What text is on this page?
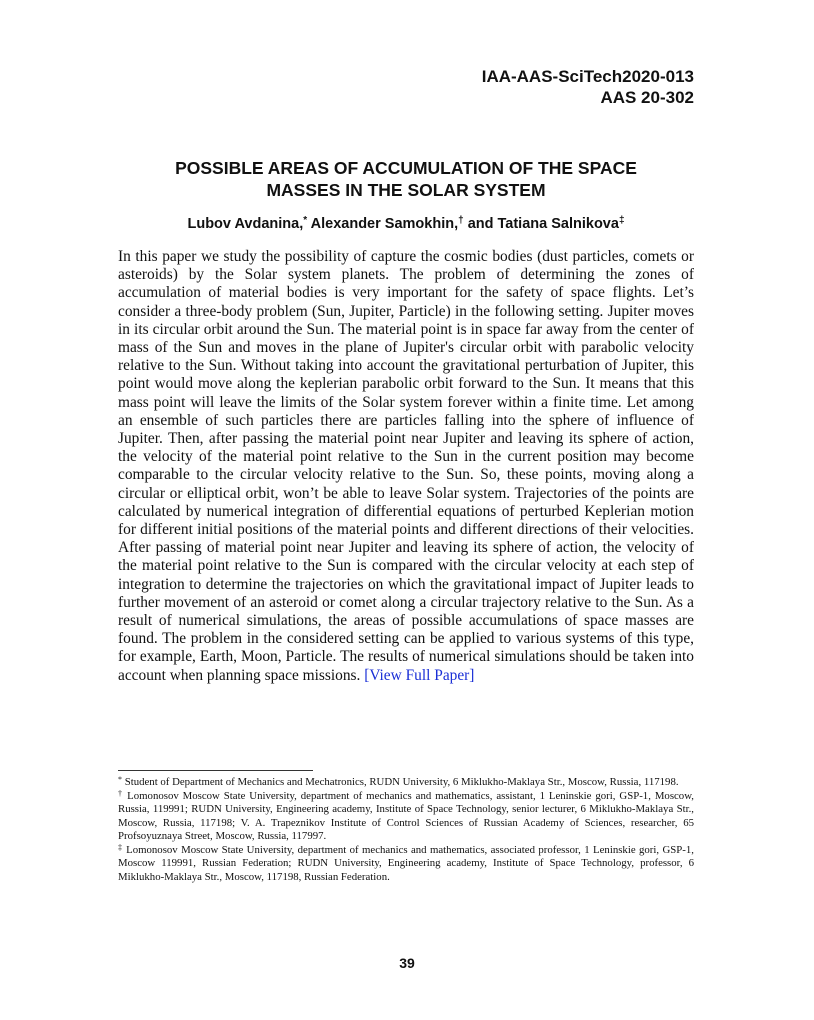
IAA-AAS-SciTech2020-013
AAS 20-302
POSSIBLE AREAS OF ACCUMULATION OF THE SPACE
MASSES IN THE SOLAR SYSTEM
Lubov Avdanina,* Alexander Samokhin,† and Tatiana Salnikova‡
In this paper we study the possibility of capture the cosmic bodies (dust particles, comets or asteroids) by the Solar system planets. The problem of determining the zones of accumulation of material bodies is very important for the safety of space flights. Let’s consider a three-body problem (Sun, Jupiter, Particle) in the following setting. Jupiter moves in its circular orbit around the Sun. The material point is in space far away from the center of mass of the Sun and moves in the plane of Jupiter's circular orbit with parabolic velocity relative to the Sun. Without taking into account the gravitational perturbation of Jupiter, this point would move along the keplerian parabolic orbit forward to the Sun. It means that this mass point will leave the limits of the Solar system forever within a finite time. Let among an ensemble of such particles there are particles falling into the sphere of influence of Jupiter. Then, after passing the material point near Jupiter and leaving its sphere of action, the velocity of the material point relative to the Sun in the current position may become comparable to the circular velocity relative to the Sun. So, these points, moving along a circular or elliptical orbit, won’t be able to leave Solar system. Trajectories of the points are calculated by numerical integration of differential equations of perturbed Keplerian motion for different initial positions of the material points and different directions of their velocities. After passing of material point near Jupiter and leaving its sphere of action, the velocity of the material point relative to the Sun is compared with the circular velocity at each step of integration to determine the trajectories on which the gravitational impact of Jupiter leads to further movement of an asteroid or comet along a circular trajectory relative to the Sun. As a result of numerical simulations, the areas of possible accumulations of space masses are found. The problem in the considered setting can be applied to various systems of this type, for example, Earth, Moon, Particle. The results of numerical simulations should be taken into account when planning space missions. [View Full Paper]

* Student of Department of Mechanics and Mechatronics, RUDN University, 6 Miklukho-Maklaya Str., Moscow, Russia, 117198.

† Lomonosov Moscow State University, department of mechanics and mathematics, assistant, 1 Leninskie gori, GSP-1, Moscow, Russia, 119991; RUDN University, Engineering academy, Institute of Space Technology, senior lecturer, 6 Miklukho-Maklaya Str., Moscow, Russia, 117198; V. A. Trapeznikov Institute of Control Sciences of Russian Academy of Sciences, researcher, 65 Profsoyuznaya Street, Moscow, Russia, 117997.

‡ Lomonosov Moscow State University, department of mechanics and mathematics, associated professor, 1 Leninskie gori, GSP-1, Moscow 119991, Russian Federation; RUDN University, Engineering academy, Institute of Space Technology, professor, 6 Miklukho-Maklaya Str., Moscow, 117198, Russian Federation.

39
